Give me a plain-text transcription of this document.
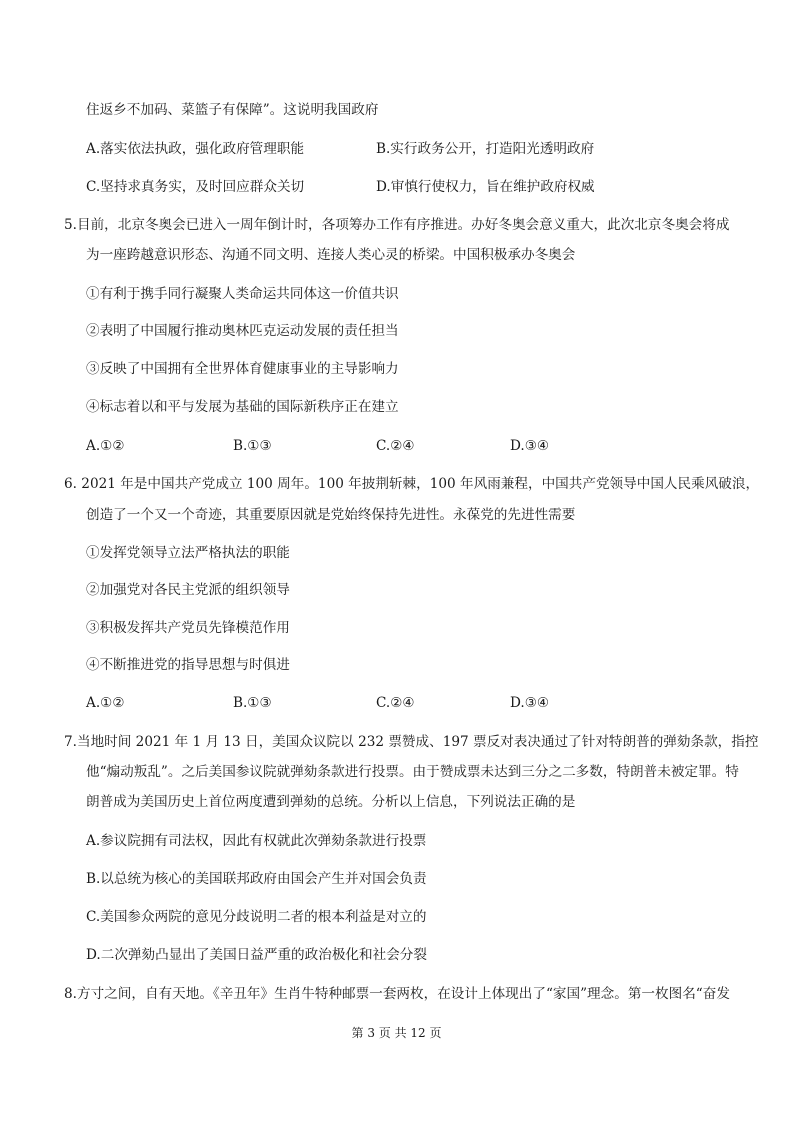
住返乡不加码、菜篮子有保障”。这说明我国政府
A.落实依法执政，强化政府管理职能	B.实行政务公开，打造阳光透明政府
C.坚持求真务实，及时回应群众关切	D.审慎行使权力，旨在维护政府权威
5.目前，北京冬奥会已进入一周年倒计时，各项筹办工作有序推进。办好冬奥会意义重大，此次北京冬奥会将成
为一座跨越意识形态、沟通不同文明、连接人类心灵的桥梁。中国积极承办冬奥会
①有利于携手同行凝聚人类命运共同体这一价值共识
②表明了中国履行推动奥林匹克运动发展的责任担当
③反映了中国拥有全世界体育健康事业的主导影响力
④标志着以和平与发展为基础的国际新秩序正在建立
A.①②	B.①③	C.②④	D.③④
6. 2021 年是中国共产党成立 100 周年。100 年披荆斩棘，100 年风雨兼程，中国共产党领导中国人民乘风破浪，
创造了一个又一个奇迹，其重要原因就是党始终保持先进性。永葆党的先进性需要
①发挥党领导立法严格执法的职能
②加强党对各民主党派的组织领导
③积极发挥共产党员先锋模范作用
④不断推进党的指导思想与时俱进
A.①②	B.①③	C.②④	D.③④
7.当地时间 2021 年 1 月 13 日，美国众议院以 232 票赞成、197 票反对表决通过了针对特朗普的弹劾条款，指控
他“煽动叛乱”。之后美国参议院就弹劾条款进行投票。由于赞成票未达到三分之二多数，特朗普未被定罪。特
朗普成为美国历史上首位两度遭到弹劾的总统。分析以上信息，下列说法正确的是
A.参议院拥有司法权，因此有权就此次弹劾条款进行投票
B.以总统为核心的美国联邦政府由国会产生并对国会负责
C.美国参众两院的意见分歧说明二者的根本利益是对立的
D.二次弹劾凸显出了美国日益严重的政治极化和社会分裂
8.方寸之间，自有天地。《辛丑年》生肖牛特种邮票一套两枚，在设计上体现出了“家国”理念。第一枚图名“奋发
第 3 页 共 12 页
